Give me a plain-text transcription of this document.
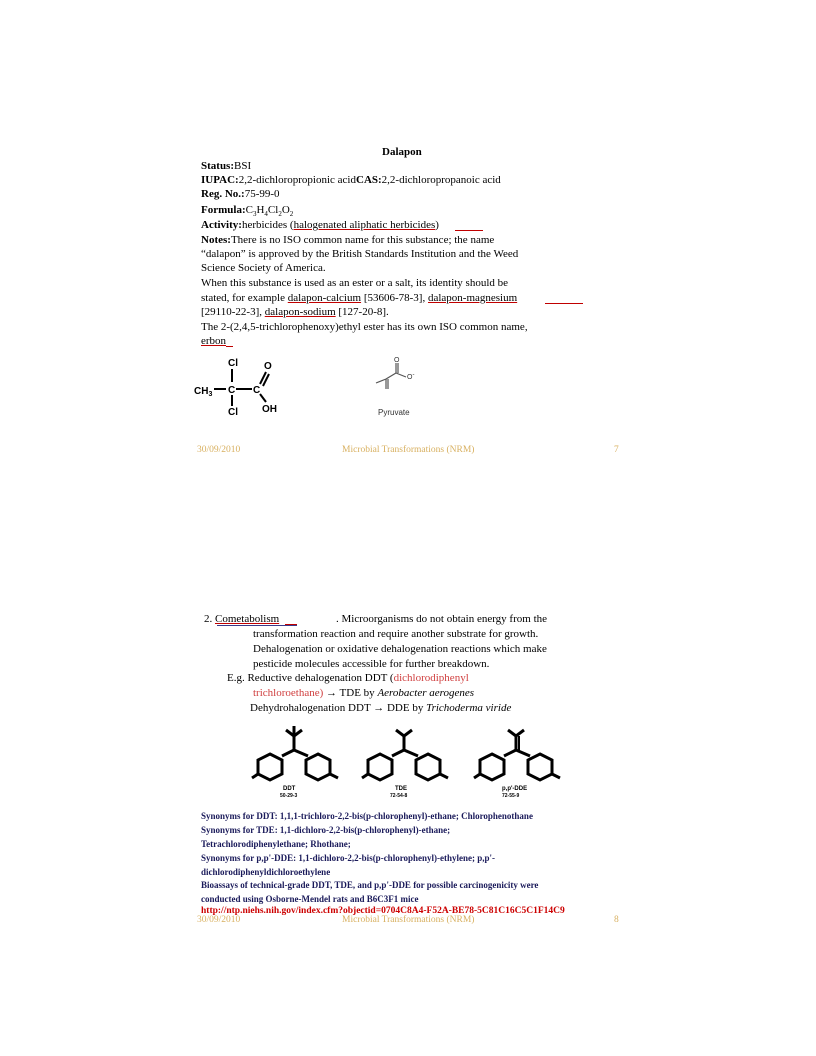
Dalapon
Status:BSI
IUPAC:2,2-dichloropropionic acidCAS:2,2-dichloropropanoic acid
Reg. No.:75-99-0
$Formula:C_3H_4Cl_2O_2$
Activity:herbicides (halogenated aliphatic herbicides)
Notes:There is no ISO common name for this substance; the name
“dalapon” is approved by the British Standards Institution and the Weed
Science Society of America.
When this substance is used as an ester or a salt, its identity should be
stated, for example dalapon-calcium [53606-78-3], dalapon-magnesium
[29110-22-3], dalapon-sodium [127-20-8].
The 2-(2,4,5-trichlorophenoxy)ethyl ester has its own ISO common name,
erbon
Cl
$CH_3$ C
Cl
C
O
OH
O
O-
Pyruvate
30/09/2010	Microbial Transformations (NRM)	7
2. Cometabolism	. Microorganisms do not obtain energy from the
transformation reaction and require another substrate for growth.
Dehalogenation or oxidative dehalogenation reactions which make
pesticide molecules accessible for further breakdown.
E.g. Reductive dehalogenation DDT (dichlorodiphenyl
trichloroethane) → TDE by Aerobacter aerogenes
Dehydrohalogenation DDT → DDE by Trichoderma viride
DDT
50-29-3
TDE
72-54-8
p,p'-DDE
72-55-9
Synonyms for DDT: 1,1,1-trichloro-2,2-bis(p-chlorophenyl)-ethane; Chlorophenothane
Synonyms for TDE: 1,1-dichloro-2,2-bis(p-chlorophenyl)-ethane;
Tetrachlorodiphenylethane; Rhothane;
Synonyms for p,p'-DDE: 1,1-dichloro-2,2-bis(p-chlorophenyl)-ethylene; p,p'-
dichlorodiphenyldichloroethylene
Bioassays of technical-grade DDT, TDE, and p,p'-DDE for possible carcinogenicity were
conducted using Osborne-Mendel rats and B6C3F1 mice
30/09/2010	Microbial Transformations (NRM)	8
http://ntp.niehs.nih.gov/index.cfm?objectid=0704C8A4-F52A-BE78-5C81C16C5C1F14C9
